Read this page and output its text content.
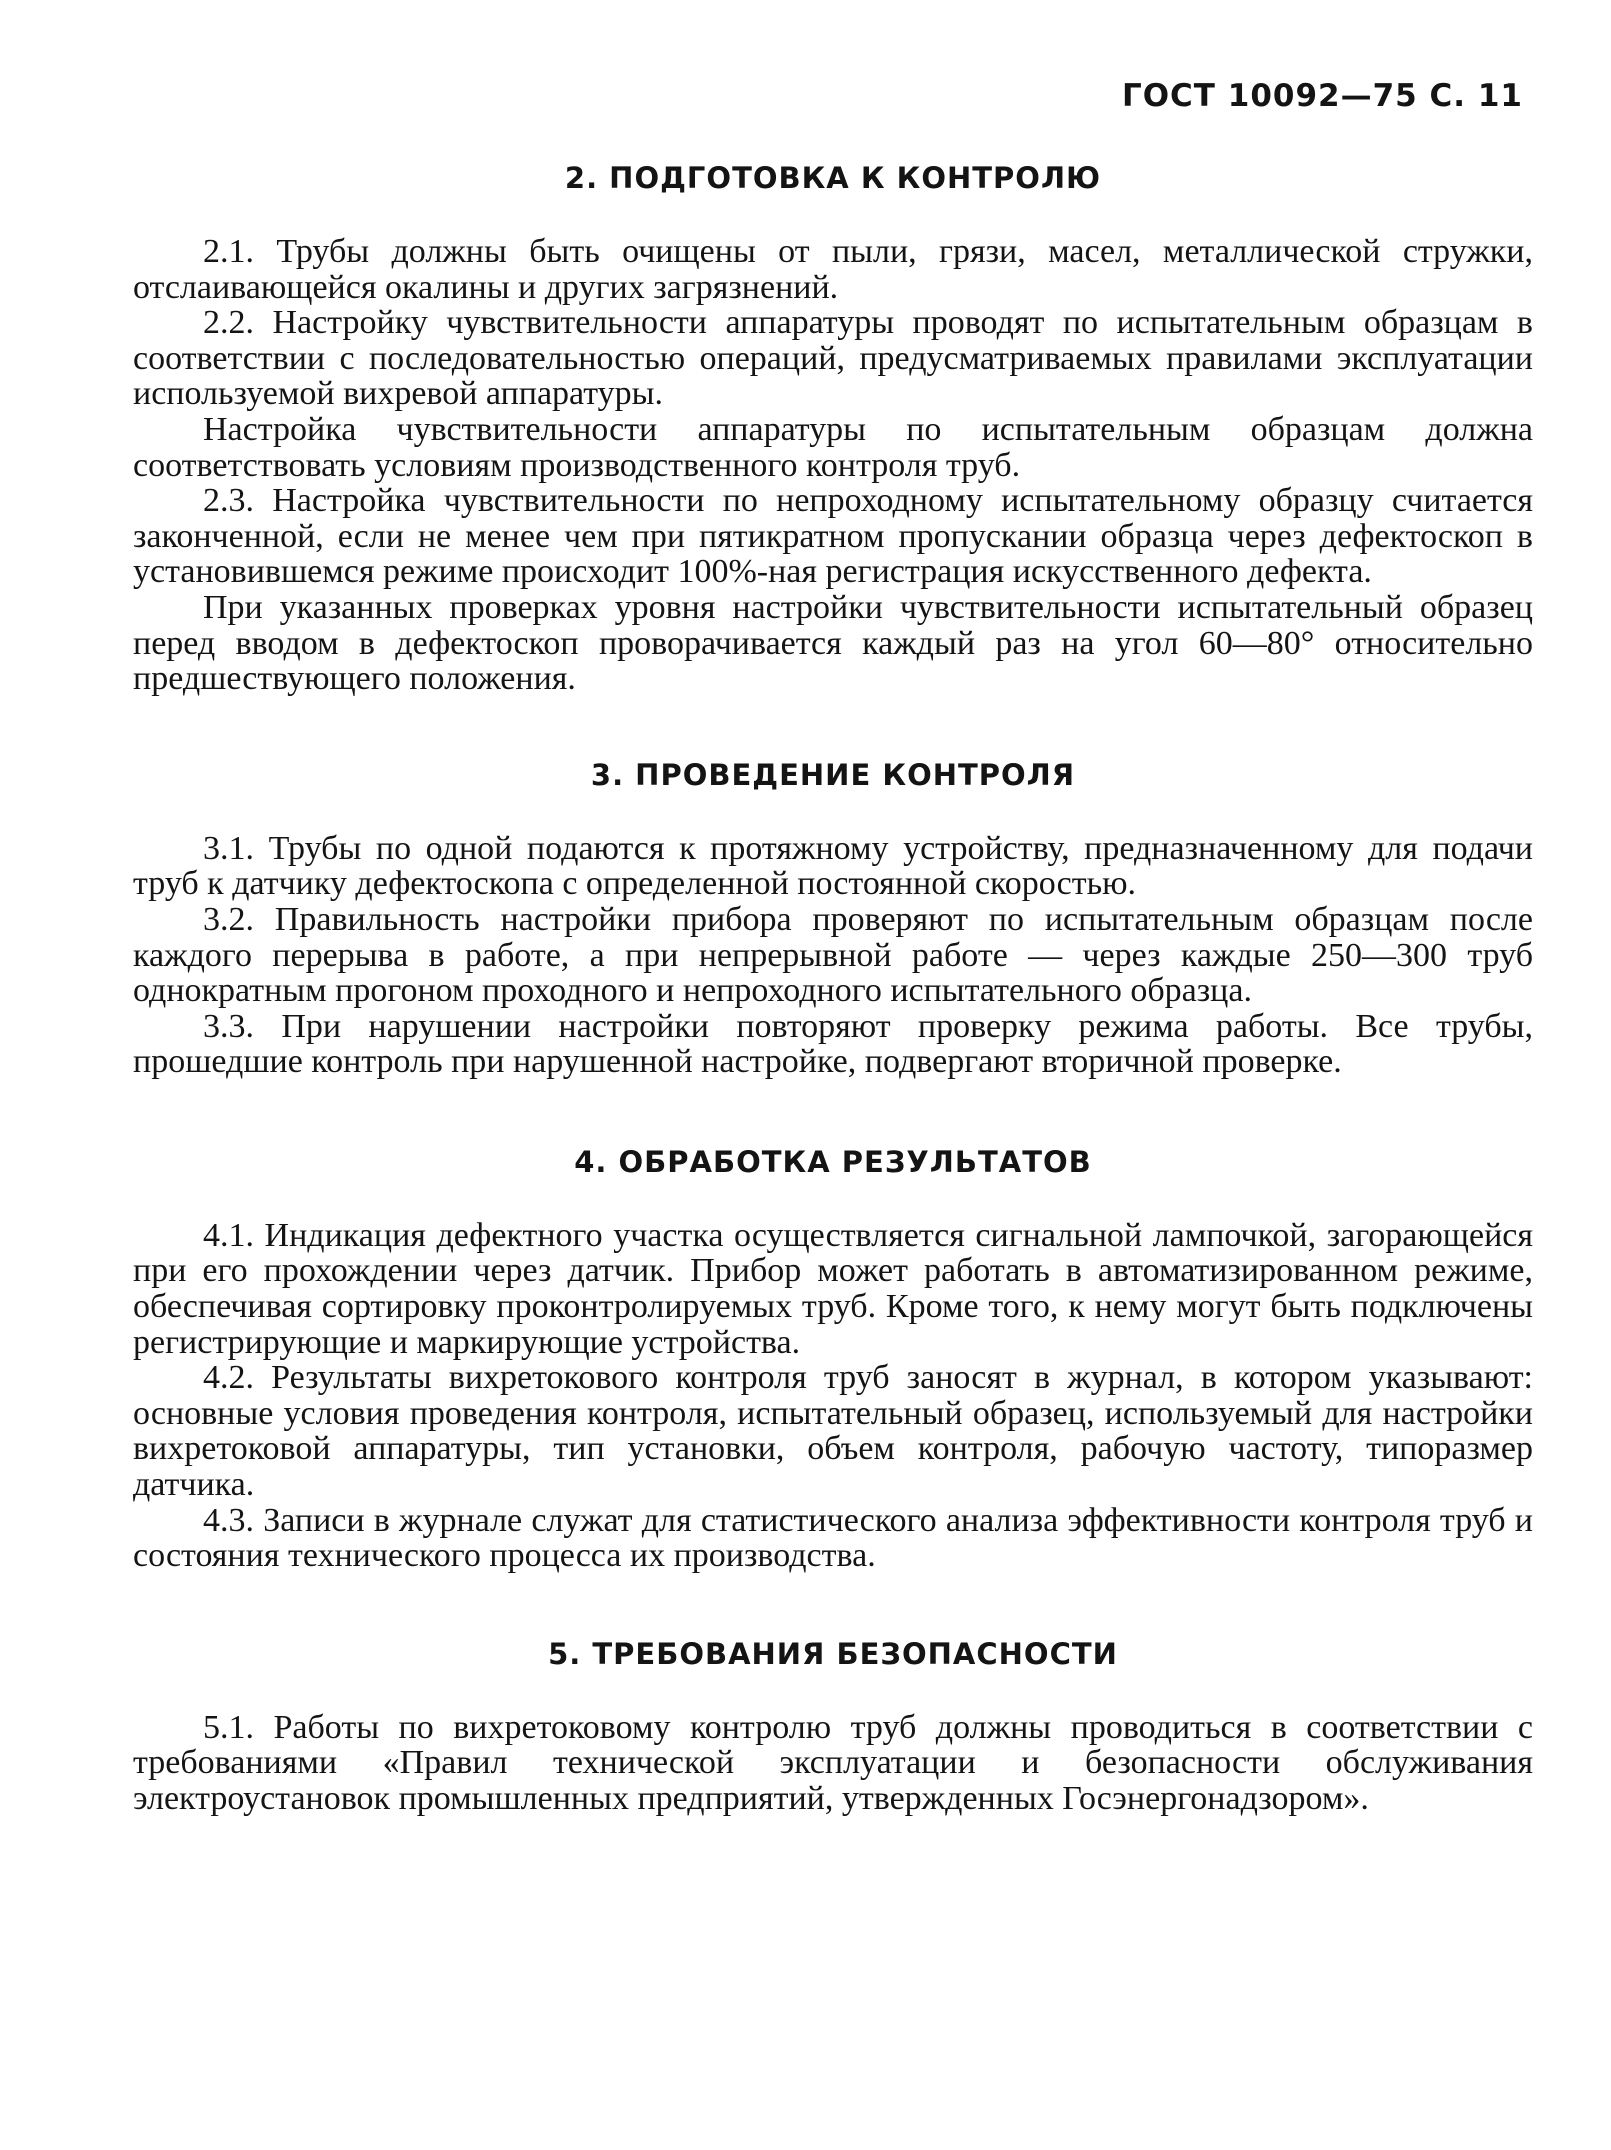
ГОСТ 10092—75 С. 11
2. ПОДГОТОВКА К КОНТРОЛЮ

2.1. Трубы должны быть очищены от пыли, грязи, масел, металлической стружки, отслаивающейся окалины и других загрязнений.

2.2. Настройку чувствительности аппаратуры проводят по испытательным образцам в соответствии с последовательностью операций, предусматриваемых правилами эксплуатации используемой вихревой аппаратуры.

Настройка чувствительности аппаратуры по испытательным образцам должна соответствовать условиям производственного контроля труб.

2.3. Настройка чувствительности по непроходному испытательному образцу считается законченной, если не менее чем при пятикратном пропускании образца через дефектоскоп в установившемся режиме происходит 100%-ная регистрация искусственного дефекта.

При указанных проверках уровня настройки чувствительности испытательный образец перед вводом в дефектоскоп проворачивается каждый раз на угол 60—80° относительно предшествующего положения.

3. ПРОВЕДЕНИЕ КОНТРОЛЯ

3.1. Трубы по одной подаются к протяжному устройству, предназначенному для подачи труб к датчику дефектоскопа с определенной постоянной скоростью.

3.2. Правильность настройки прибора проверяют по испытательным образцам после каждого перерыва в работе, а при непрерывной работе — через каждые 250—300 труб однократным прогоном проходного и непроходного испытательного образца.

3.3. При нарушении настройки повторяют проверку режима работы. Все трубы, прошедшие контроль при нарушенной настройке, подвергают вторичной проверке.

4. ОБРАБОТКА РЕЗУЛЬТАТОВ

4.1. Индикация дефектного участка осуществляется сигнальной лампочкой, загорающейся при его прохождении через датчик. Прибор может работать в автоматизированном режиме, обеспечивая сортировку проконтролируемых труб. Кроме того, к нему могут быть подключены регистрирующие и маркирующие устройства.

4.2. Результаты вихретокового контроля труб заносят в журнал, в котором указывают: основные условия проведения контроля, испытательный образец, используемый для настройки вихретоковой аппаратуры, тип установки, объем контроля, рабочую частоту, типоразмер датчика.

4.3. Записи в журнале служат для статистического анализа эффективности контроля труб и состояния технического процесса их производства.

5. ТРЕБОВАНИЯ БЕЗОПАСНОСТИ

5.1. Работы по вихретоковому контролю труб должны проводиться в соответствии с требованиями «Правил технической эксплуатации и безопасности обслуживания электроустановок промышленных предприятий, утвержденных Госэнергонадзором».
